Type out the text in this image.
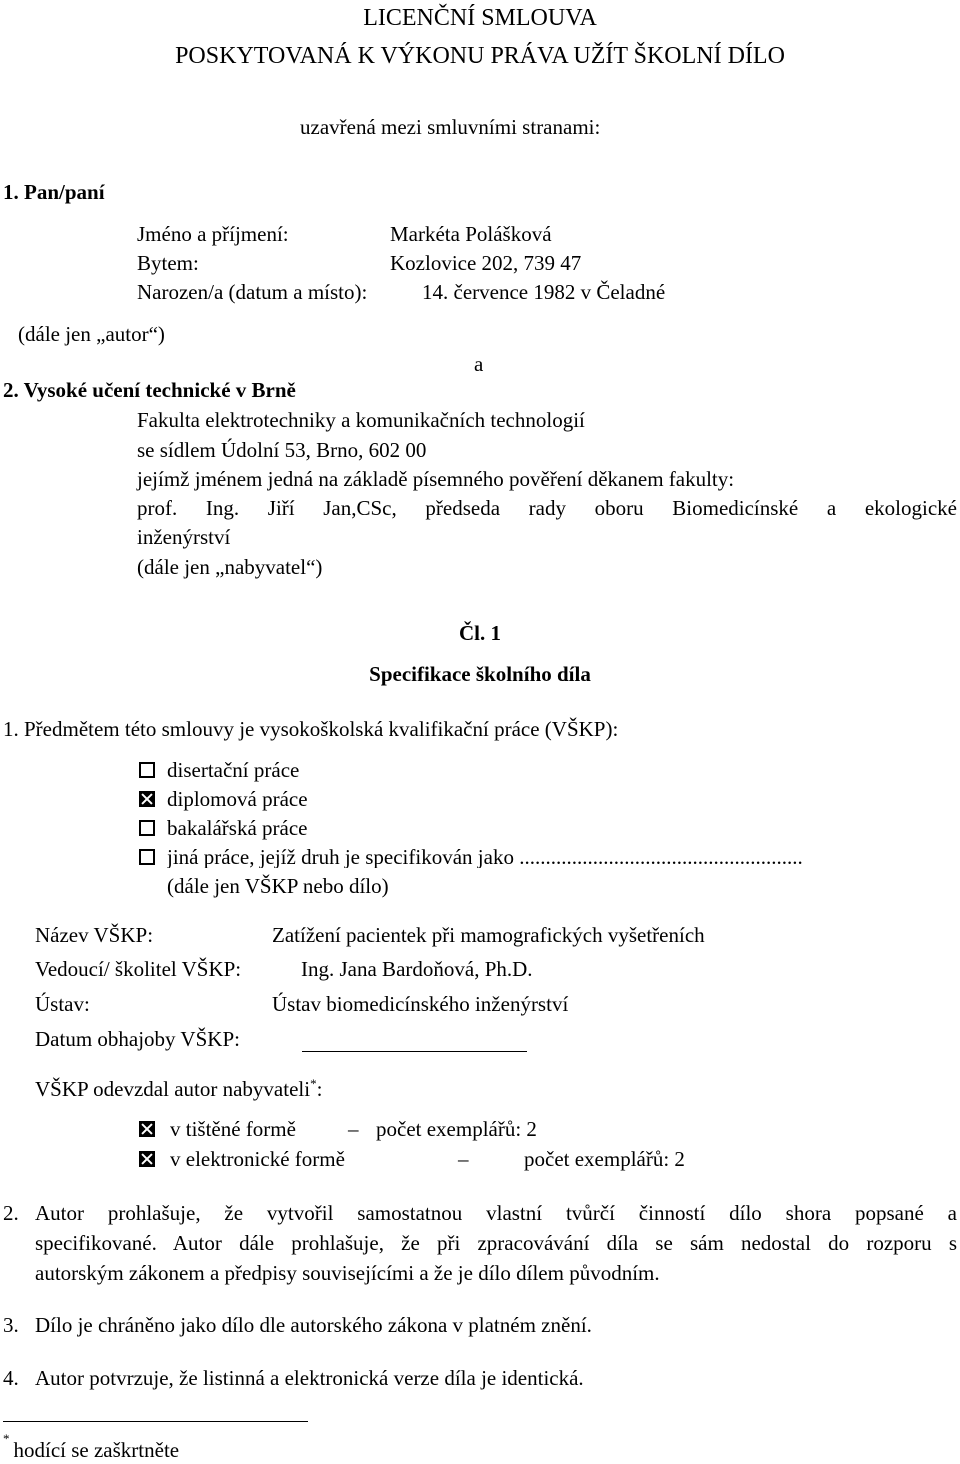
LICENČNÍ SMLOUVA
POSKYTOVANÁ K VÝKONU PRÁVA UŽÍT ŠKOLNÍ DÍLO
uzavřená mezi smluvními stranami:
1. Pan/paní
Jméno a příjmení:	Markéta Polášková
Bytem:	Kozlovice 202, 739 47
Narozen/a (datum a místo):	14. července 1982 v Čeladné
(dále jen „autor“)
a
2. Vysoké učení technické v Brně
Fakulta elektrotechniky a komunikačních technologií
se sídlem Údolní 53, Brno, 602 00
jejímž jménem jedná na základě písemného pověření děkanem fakulty:
prof. Ing. Jiří Jan,CSc, předseda rady oboru Biomedicínské a ekologické
inženýrství
(dále jen „nabyvatel“)
Čl. 1
Specifikace školního díla
1. Předmětem této smlouvy je vysokoškolská kvalifikační práce (VŠKP):
disertační práce
diplomová práce
bakalářská práce
jiná práce, jejíž druh je specifikován jako ......................................................
(dále jen VŠKP nebo dílo)
Název VŠKP:	Zatížení pacientek při mamografických vyšetřeních
Vedoucí/ školitel VŠKP:	Ing. Jana Bardoňová, Ph.D.
Ústav:	Ústav biomedicínského inženýrství
Datum obhajoby VŠKP:
VŠKP odevzdal autor nabyvateli*:
v tištěné formě – počet exemplářů: 2
v elektronické formě	–	počet exemplářů: 2
2. Autor prohlašuje, že vytvořil samostatnou vlastní tvůrčí činností dílo shora popsané a
specifikované. Autor dále prohlašuje, že při zpracovávání díla se sám nedostal do rozporu s
autorským zákonem a předpisy souvisejícími a že je dílo dílem původním.
3. Dílo je chráněno jako dílo dle autorského zákona v platném znění.
4. Autor potvrzuje, že listinná a elektronická verze díla je identická.
* hodící se zaškrtněte
